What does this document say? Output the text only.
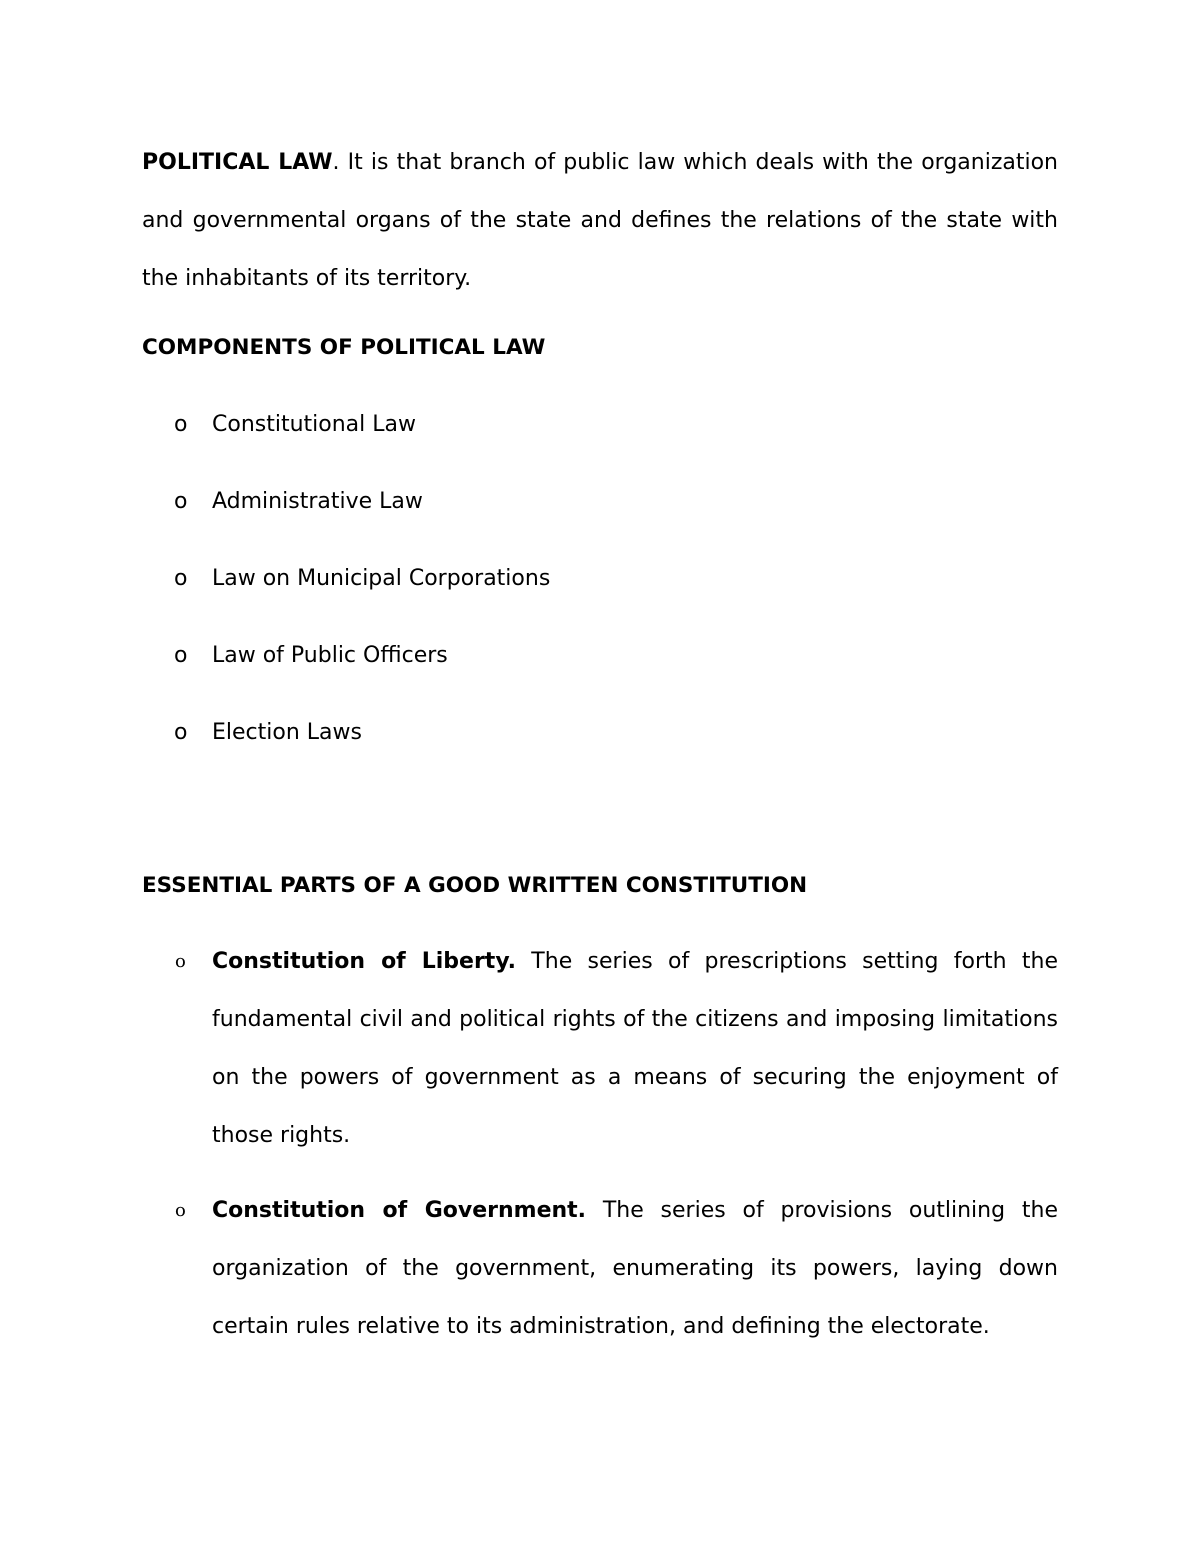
POLITICAL LAW. It is that branch of public law which deals with the organization and governmental organs of the state and defines the relations of the state with the inhabitants of its territory.

COMPONENTS OF POLITICAL LAW
o Constitutional Law
o Administrative Law
o Law on Municipal Corporations
o Law of Public Officers
o Election Laws
ESSENTIAL PARTS OF A GOOD WRITTEN CONSTITUTION
o Constitution of Liberty. The series of prescriptions setting forth the fundamental civil and political rights of the citizens and imposing limitations on the powers of government as a means of securing the enjoyment of those rights.
o Constitution of Government. The series of provisions outlining the organization of the government, enumerating its powers, laying down certain rules relative to its administration, and defining the electorate.
